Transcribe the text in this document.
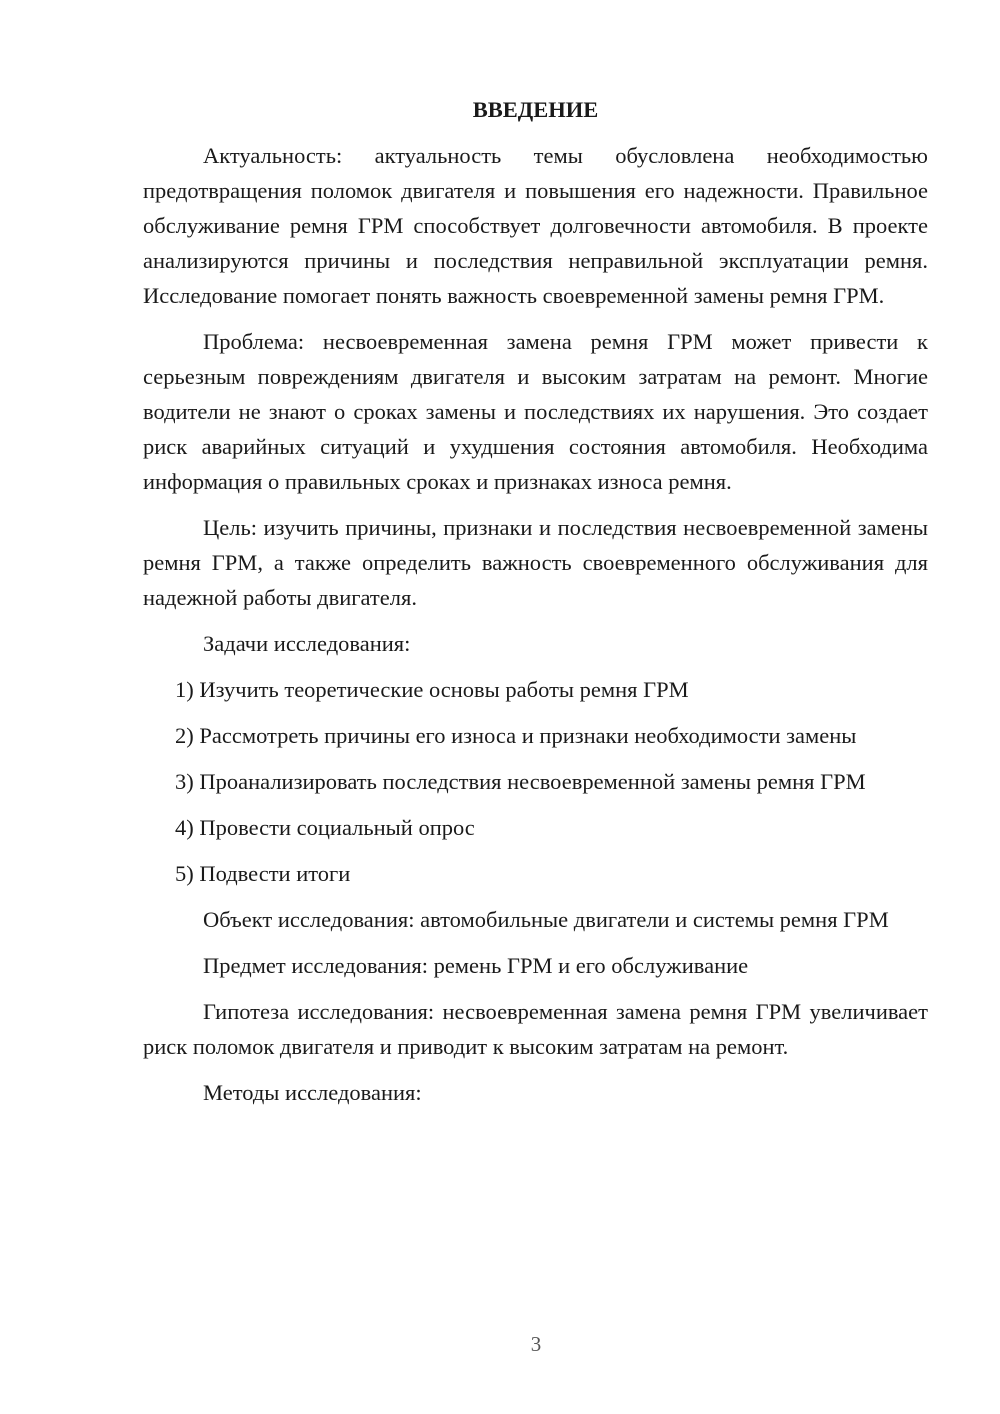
ВВЕДЕНИЕ

Актуальность: актуальность темы обусловлена необходимостью предотвращения поломок двигателя и повышения его надежности. Правильное обслуживание ремня ГРМ способствует долговечности автомобиля. В проекте анализируются причины и последствия неправильной эксплуатации ремня. Исследование помогает понять важность своевременной замены ремня ГРМ.

Проблема: несвоевременная замена ремня ГРМ может привести к серьезным повреждениям двигателя и высоким затратам на ремонт. Многие водители не знают о сроках замены и последствиях их нарушения. Это создает риск аварийных ситуаций и ухудшения состояния автомобиля. Необходима информация о правильных сроках и признаках износа ремня.

Цель: изучить причины, признаки и последствия несвоевременной замены ремня ГРМ, а также определить важность своевременного обслуживания для надежной работы двигателя.

Задачи исследования:

1) Изучить теоретические основы работы ремня ГРМ

2) Рассмотреть причины его износа и признаки необходимости замены

3) Проанализировать последствия несвоевременной замены ремня ГРМ

4) Провести социальный опрос

5) Подвести итоги

Объект исследования: автомобильные двигатели и системы ремня ГРМ

Предмет исследования: ремень ГРМ и его обслуживание

Гипотеза исследования: несвоевременная замена ремня ГРМ увеличивает риск поломок двигателя и приводит к высоким затратам на ремонт.

Методы исследования:

3
